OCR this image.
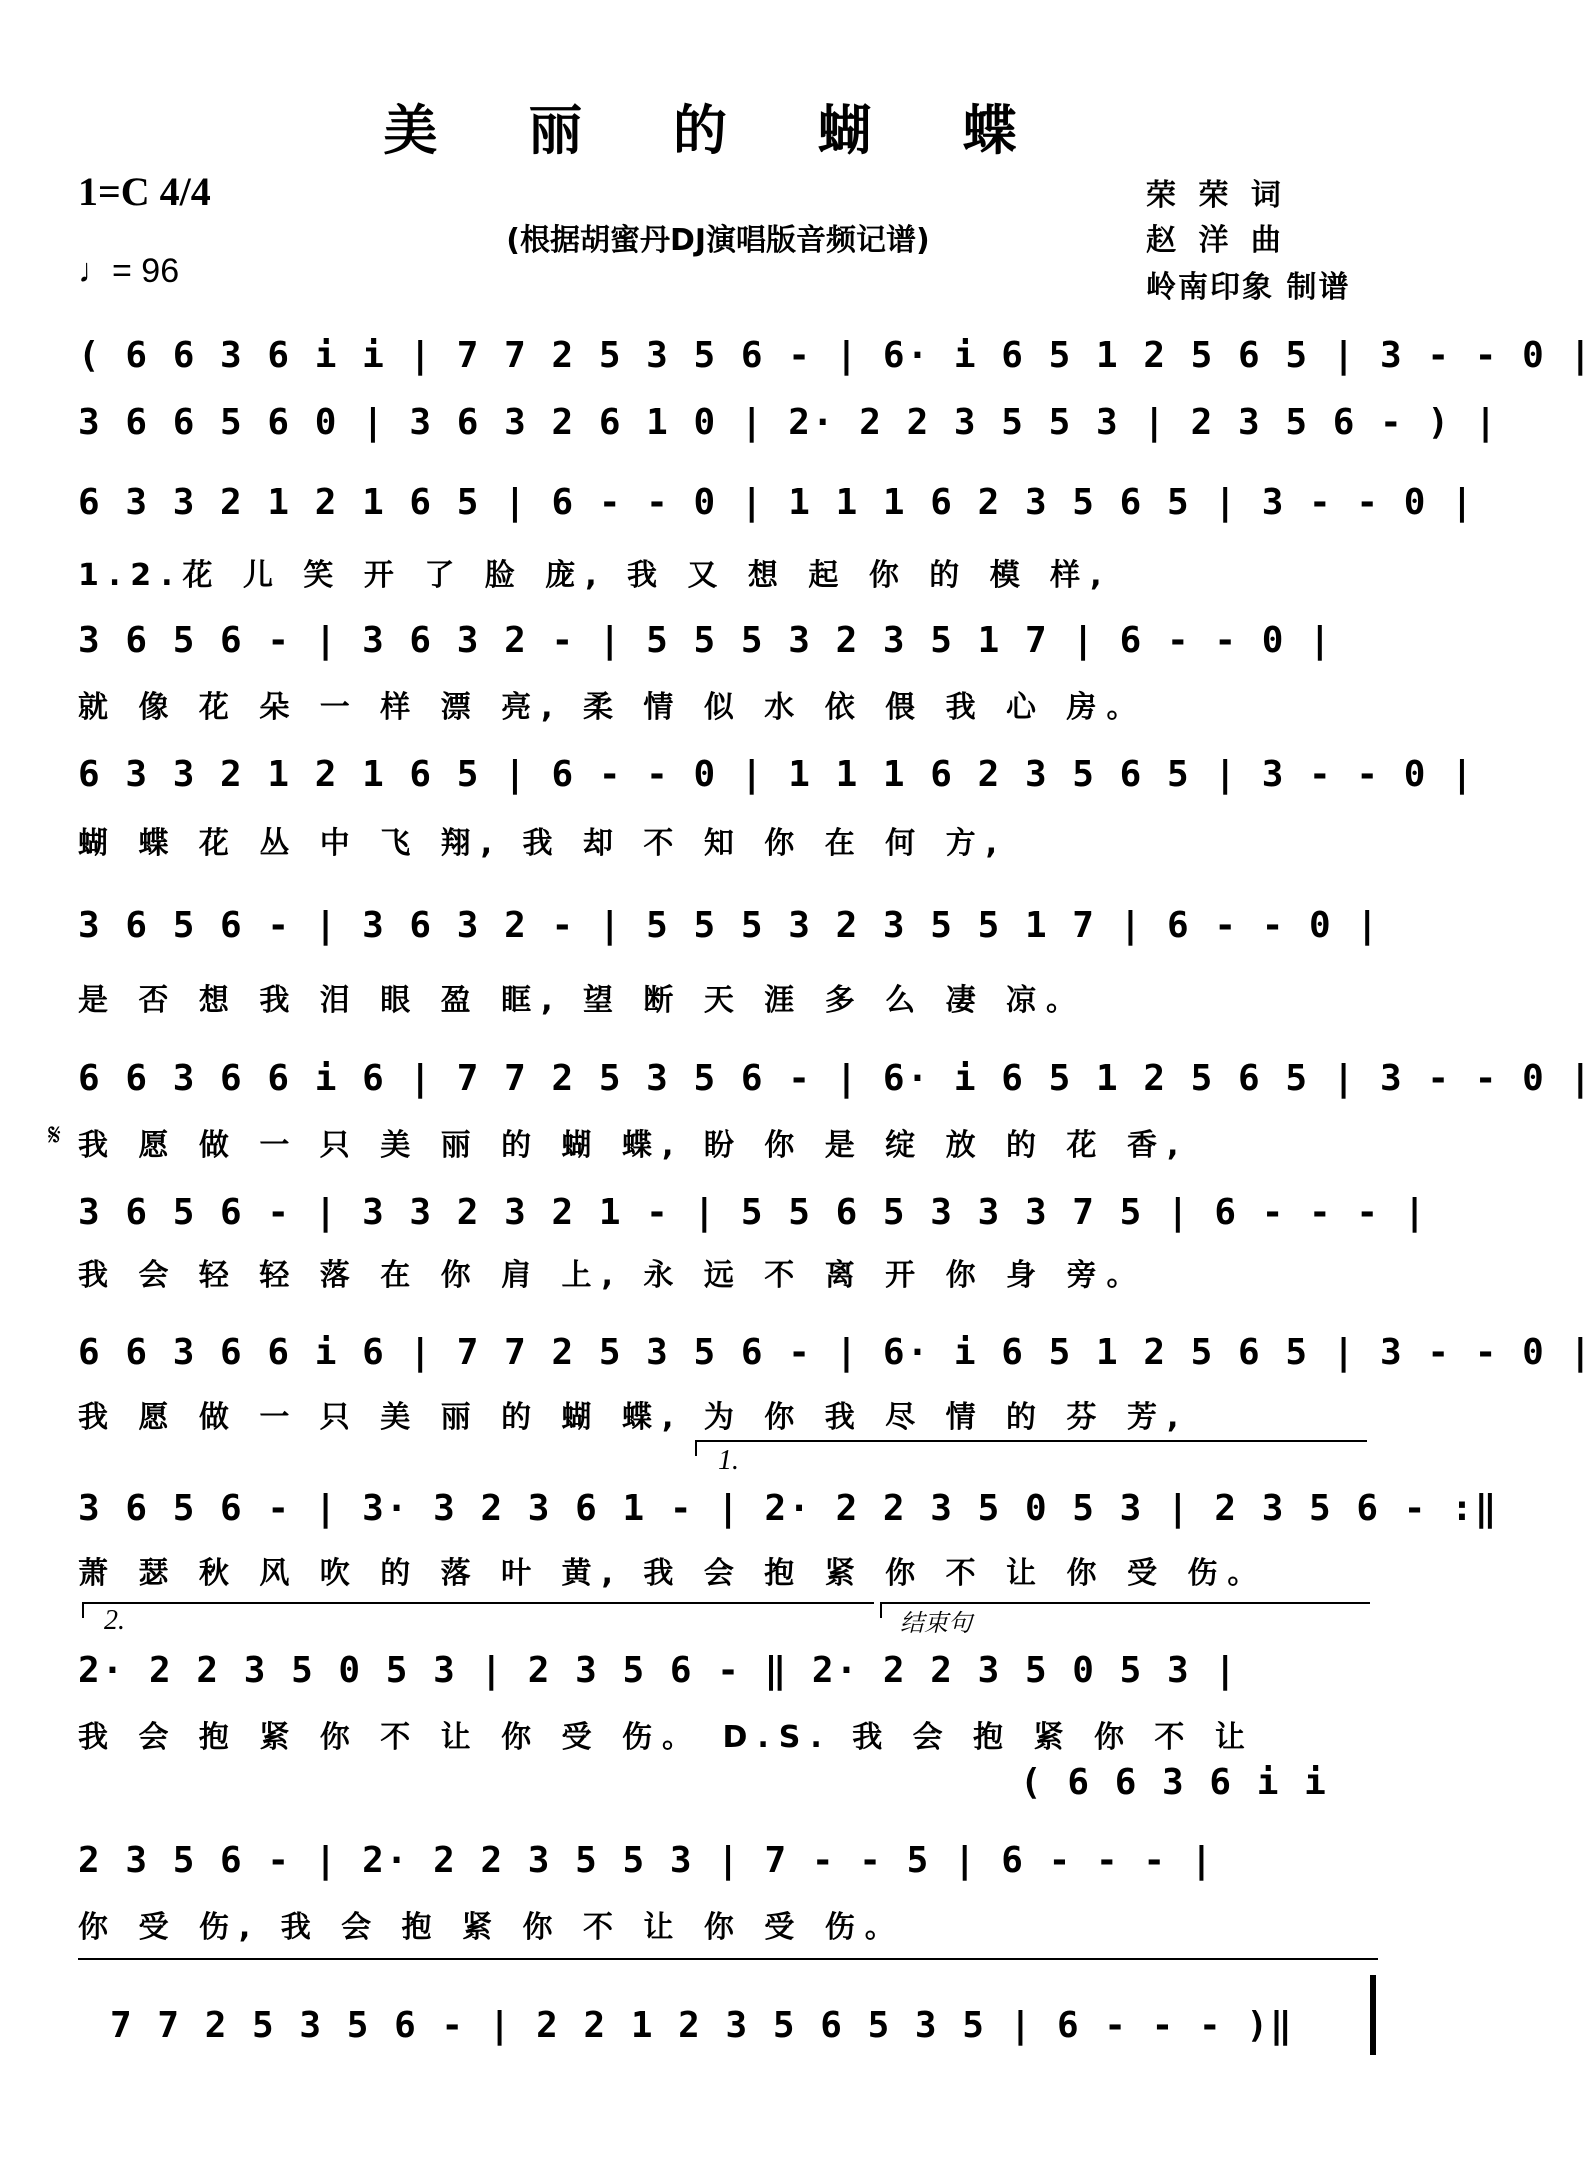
美 丽 的 蝴 蝶
1=C 4/4
♩= 96
(根据胡蜜丹DJ演唱版音频记谱)
荣 荣 词
赵 洋 曲
岭南印象 制谱
( 6 6 3 6 i i | 7 7 2 5 3 5 6 - | 6· i 6 5 1 2 5 6 5 | 3 - - 0 |
3 6 6 5 6 0 | 3 6 3 2 6 1 0 | 2· 2 2 3 5 5 3 | 2 3 5 6 - ) |
6 3 3 2 1 2 1 6 5 | 6 - - 0 | 1 1 1 6 2 3 5 6 5 | 3 - - 0 |
1.2.花 儿 笑 开 了 脸 庞, 我 又 想 起 你 的 模 样,
3 6 5 6 - | 3 6 3 2 - | 5 5 5 3 2 3 5 1 7 | 6 - - 0 |
就 像 花 朵 一 样 漂 亮, 柔 情 似 水 依 偎 我 心 房。
6 3 3 2 1 2 1 6 5 | 6 - - 0 | 1 1 1 6 2 3 5 6 5 | 3 - - 0 |
蝴 蝶 花 丛 中 飞 翔, 我 却 不 知 你 在 何 方,
3 6 5 6 - | 3 6 3 2 - | 5 5 5 3 2 3 5 5 1 7 | 6 - - 0 |
是 否 想 我 泪 眼 盈 眶, 望 断 天 涯 多 么 凄 凉。
6 6 3 6 6 i 6 | 7 7 2 5 3 5 6 - | 6· i 6 5 1 2 5 6 5 | 3 - - 0 |
𝄋 我 愿 做 一 只 美 丽 的 蝴 蝶, 盼 你 是 绽 放 的 花 香,
3 6 5 6 - | 3 3 2 3 2 1 - | 5 5 6 5 3 3 3 7 5 | 6 - - - |
我 会 轻 轻 落 在 你 肩 上, 永 远 不 离 开 你 身 旁。
6 6 3 6 6 i 6 | 7 7 2 5 3 5 6 - | 6· i 6 5 1 2 5 6 5 | 3 - - 0 |
我 愿 做 一 只 美 丽 的 蝴 蝶, 为 你 我 尽 情 的 芬 芳,
1.
3 6 5 6 - | 3· 3 2 3 6 1 - | 2· 2 2 3 5 0 5 3 | 2 3 5 6 - :‖
萧 瑟 秋 风 吹 的 落 叶 黄, 我 会 抱 紧 你 不 让 你 受 伤。
2.	结束句
2· 2 2 3 5 0 5 3 | 2 3 5 6 - ‖ 2· 2 2 3 5 0 5 3 |
我 会 抱 紧 你 不 让 你 受 伤。 D.S. 我 会 抱 紧 你 不 让
( 6 6 3 6 i i
2 3 5 6 - | 2· 2 2 3 5 5 3 | 7 - - 5 | 6 - - - |
你 受 伤, 我 会 抱 紧 你 不 让 你 受 伤。
7 7 2 5 3 5 6 - | 2 2 1 2 3 5 6 5 3 5 | 6 - - - )‖
